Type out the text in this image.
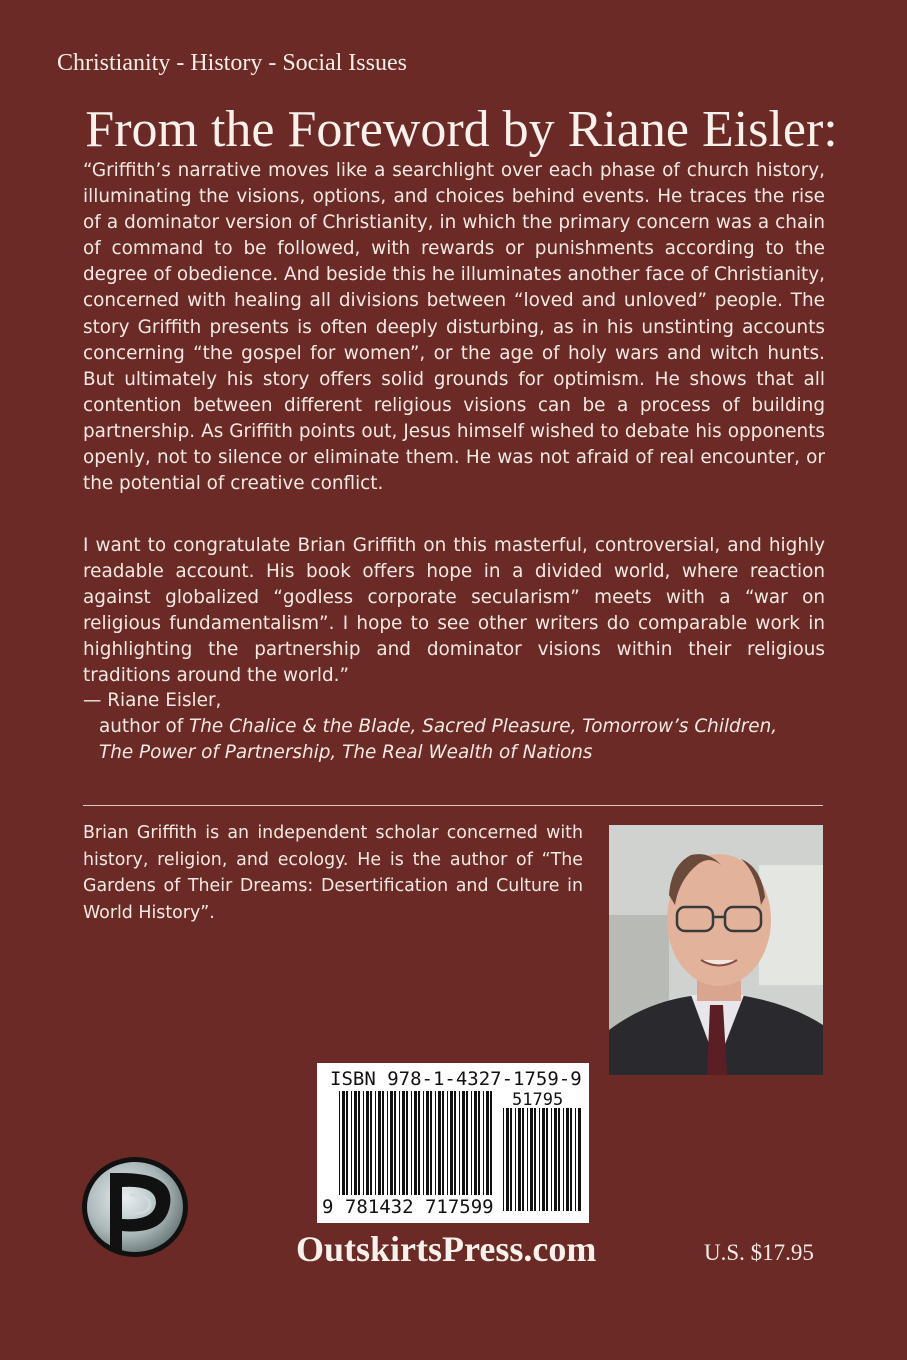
Christianity - History - Social Issues
From the Foreword by Riane Eisler:

“Griffith’s narrative moves like a searchlight over each phase of church history, illuminating the visions, options, and choices behind events. He traces the rise of a dominator version of Christianity, in which the primary concern was a chain of command to be followed, with rewards or punishments according to the degree of obedience. And beside this he illuminates another face of Christianity, concerned with healing all divisions between “loved and unloved” people. The story Griffith presents is often deeply disturbing, as in his unstinting accounts concerning “the gospel for women”, or the age of holy wars and witch hunts. But ultimately his story offers solid grounds for optimism. He shows that all contention between different religious visions can be a process of building partnership. As Griffith points out, Jesus himself wished to debate his opponents openly, not to silence or eliminate them. He was not afraid of real encounter, or the potential of creative conflict.

I want to congratulate Brian Griffith on this masterful, controversial, and highly readable account. His book offers hope in a divided world, where reaction against globalized “godless corporate secularism” meets with a “war on religious fundamentalism”. I hope to see other writers do comparable work in highlighting the partnership and dominator visions within their religious traditions around the world.”

— Riane Eisler,
author of The Chalice & the Blade, Sacred Pleasure, Tomorrow’s Children,
The Power of Partnership, The Real Wealth of Nations

Brian Griffith is an independent scholar concerned with history, religion, and ecology. He is the author of “The Gardens of Their Dreams: Desertification and Culture in World History”.

ISBN 978-1-4327-1759-9
51795
9 781432 717599
OutskirtsPress.com	U.S. $17.95
